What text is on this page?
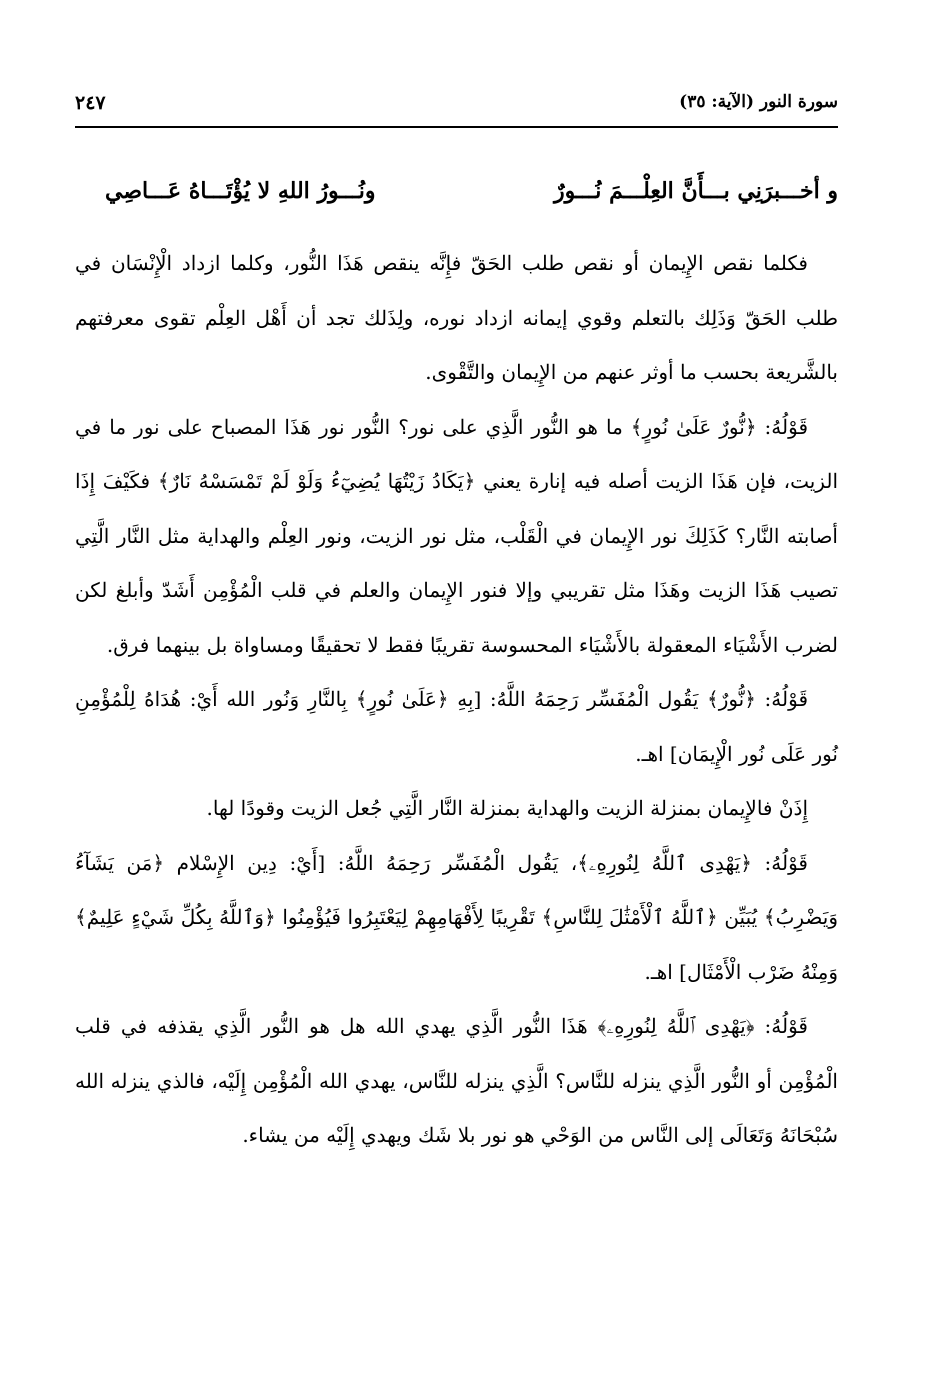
سورة النور (الآية: ٣٥)
٢٤٧
و أخـــبرَنِي بـــأَنَّ العِلْـــمَ نُـــورٌ
ونُـــورُ اللهِ لا يُؤْتَـــاهُ عَـــاصِي

فكلما نقص الإِيمان أو نقص طلب الحَقّ فإِنَّه ينقص هَذَا النُّور، وكلما ازداد الْإِنْسَان في طلب الحَقّ وَذَلِك بالتعلم وقوي إيمانه ازداد نوره، ولِذَلك تجد أن أَهْل العِلْم تقوى معرفتهم بالشَّريعة بحسب ما أوثر عنهم من الإِيمان والتَّقْوى.

قَوْلُهُ: ﴿نُّورٌ عَلَىٰ نُورٍ﴾ ما هو النُّور الَّذِي على نور؟ النُّور نور هَذَا المصباح على نور ما في الزيت، فإن هَذَا الزيت أصله فيه إنارة يعني ﴿يَكَادُ زَيْتُهَا يُضِيٓءُ وَلَوْ لَمْ تَمْسَسْهُ نَارٌ﴾ فكَيْفَ إِذَا أصابته النَّار؟ كَذَلِكَ نور الإِيمان في الْقَلْب، مثل نور الزيت، ونور العِلْم والهداية مثل النَّار الَّتِي تصيب هَذَا الزيت وهَذَا مثل تقريبي وإلا فنور الإِيمان والعلم في قلب الْمُؤْمِن أَشَدّ وأبلغ لكن لضرب الأَشْيَاء المعقولة بالأَشْيَاء المحسوسة تقريبًا فقط لا تحقيقًا ومساواة بل بينهما فرق.

قَوْلُهُ: ﴿نُّورٌ﴾ يَقُول الْمُفَسِّر رَحِمَهُ اللَّهُ: [بِهِ ﴿عَلَىٰ نُورٍ﴾ بِالنَّارِ وَنُور الله أَيْ: هُدَاهُ لِلْمُؤْمِنِ نُور عَلَى نُور الْإِيمَان] اهـ.

إِذَنْ فالإِيمان بمنزلة الزيت والهداية بمنزلة النَّار الَّتِي جُعل الزيت وقودًا لها.

قَوْلُهُ: ﴿يَهْدِى ٱللَّهُ لِنُورِهِۦ﴾، يَقُول الْمُفَسِّر رَحِمَهُ اللَّهُ: [أَيْ: دِين الإِسْلام ﴿مَن يَشَآءُ وَيَضْرِبُ﴾ يُبَيِّن ﴿ٱللَّهُ ٱلْأَمْثَٰلَ لِلنَّاسِ﴾ تَقْرِيبًا لِأَفْهَامِهِمْ لِيَعْتَبِرُوا فَيُؤْمِنُوا ﴿وَٱللَّهُ بِكُلِّ شَيْءٍ عَلِيمٌ﴾ وَمِنْهُ ضَرْب الْأَمْثَال] اهـ.

قَوْلُهُ: ﴿يَهْدِى ٱللَّهُ لِنُورِهِۦ﴾ هَذَا النُّور الَّذِي يهدي الله هل هو النُّور الَّذِي يقذفه في قلب الْمُؤْمِن أو النُّور الَّذِي ينزله للنَّاس؟ الَّذِي ينزله للنَّاس، يهدي الله الْمُؤْمِن إِلَيْه، فالذي ينزله الله سُبْحَانَهُ وَتَعَالَى إلى النَّاس من الوَحْي هو نور بلا شَك ويهدي إِلَيْه من يشاء.
